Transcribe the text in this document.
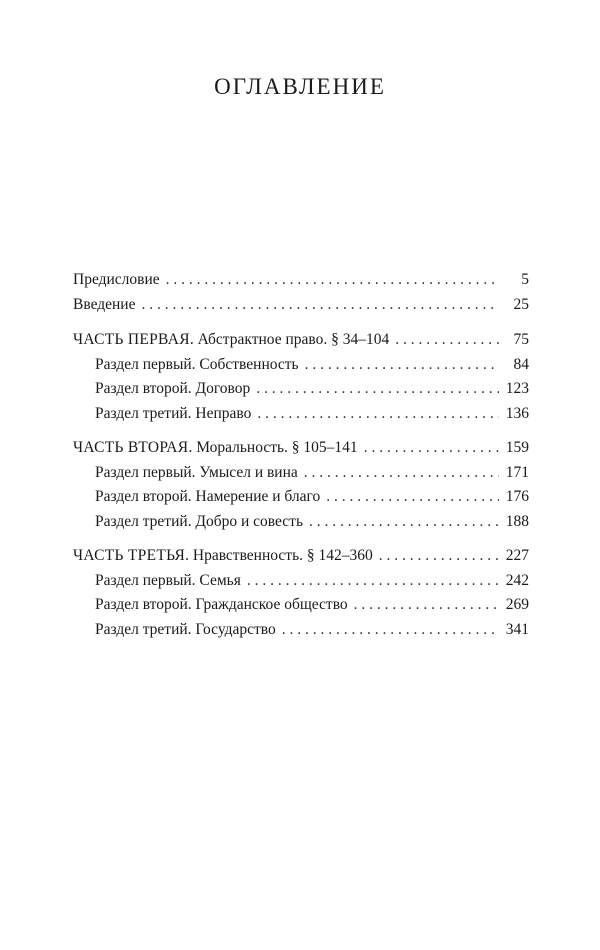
ОГЛАВЛЕНИЕ
Предисловие . . .	5
Введение . . .	25
ЧАСТЬ ПЕРВАЯ. Абстрактное право. § 34–104 . . .	75
Раздел первый. Собственность . . .	84
Раздел второй. Договор . . .	123
Раздел третий. Неправо . . .	136
ЧАСТЬ ВТОРАЯ. Моральность. § 105–141 . . .	159
Раздел первый. Умысел и вина . . .	171
Раздел второй. Намерение и благо . . .	176
Раздел третий. Добро и совесть . . .	188
ЧАСТЬ ТРЕТЬЯ. Нравственность. § 142–360 . . .	227
Раздел первый. Семья . . .	242
Раздел второй. Гражданское общество . . .	269
Раздел третий. Государство . . .	341
